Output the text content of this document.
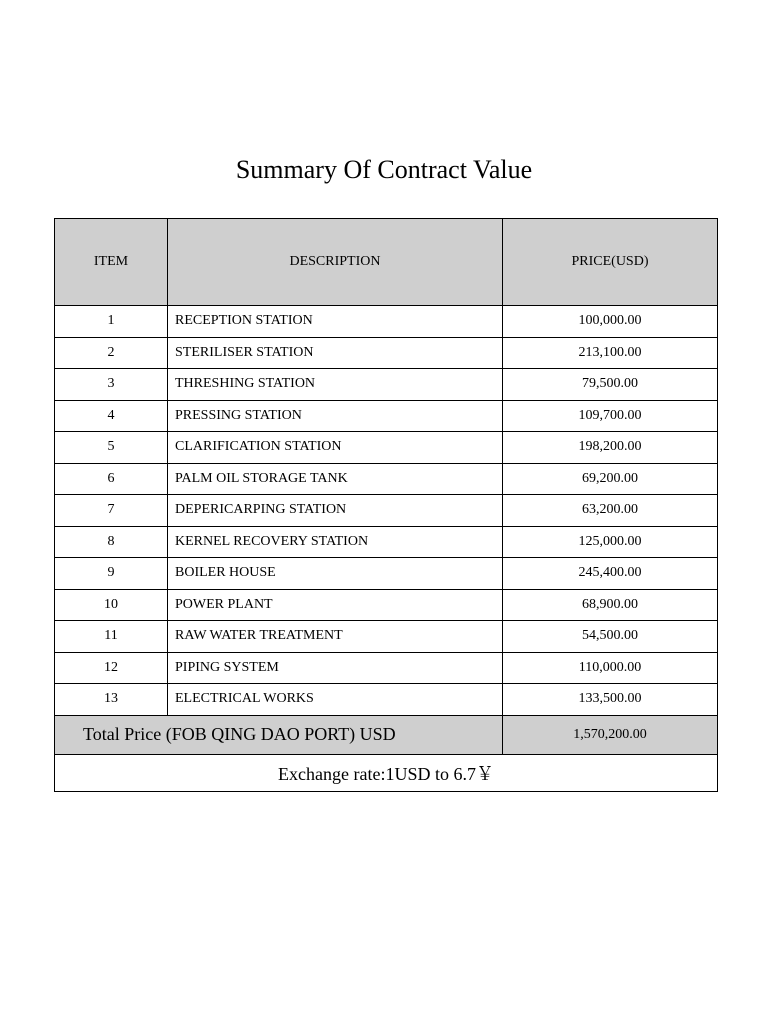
Summary Of Contract Value
ITEM	DESCRIPTION	PRICE(USD)
1	RECEPTION STATION	100,000.00
2	STERILISER STATION	213,100.00
3	THRESHING STATION	79,500.00
4	PRESSING STATION	109,700.00
5	CLARIFICATION STATION	198,200.00
6	PALM OIL STORAGE TANK	69,200.00
7	DEPERICARPING STATION	63,200.00
8	KERNEL RECOVERY STATION	125,000.00
9	BOILER HOUSE	245,400.00
10	POWER PLANT	68,900.00
11	RAW WATER TREATMENT	54,500.00
12	PIPING SYSTEM	110,000.00
13	ELECTRICAL WORKS	133,500.00
Total Price (FOB QING DAO PORT) USD		1,570,200.00
Exchange rate:1USD to 6.7￥		
